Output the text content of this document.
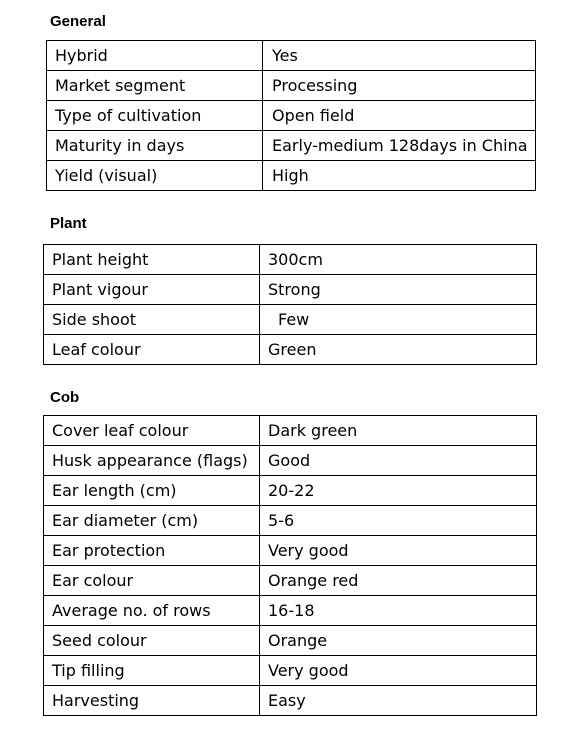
General
Hybrid	Yes
Market segment	Processing
Type of cultivation	Open field
Maturity in days	Early-medium 128days in China
Yield (visual)	High
Plant
Plant height	300cm
Plant vigour	Strong
Side shoot	Few
Leaf colour	Green
Cob
Cover leaf colour	Dark green
Husk appearance (flags)	Good
Ear length (cm)	20-22
Ear diameter (cm)	5-6
Ear protection	Very good
Ear colour	Orange red
Average no. of rows	16-18
Seed colour	Orange
Tip filling	Very good
Harvesting	Easy
